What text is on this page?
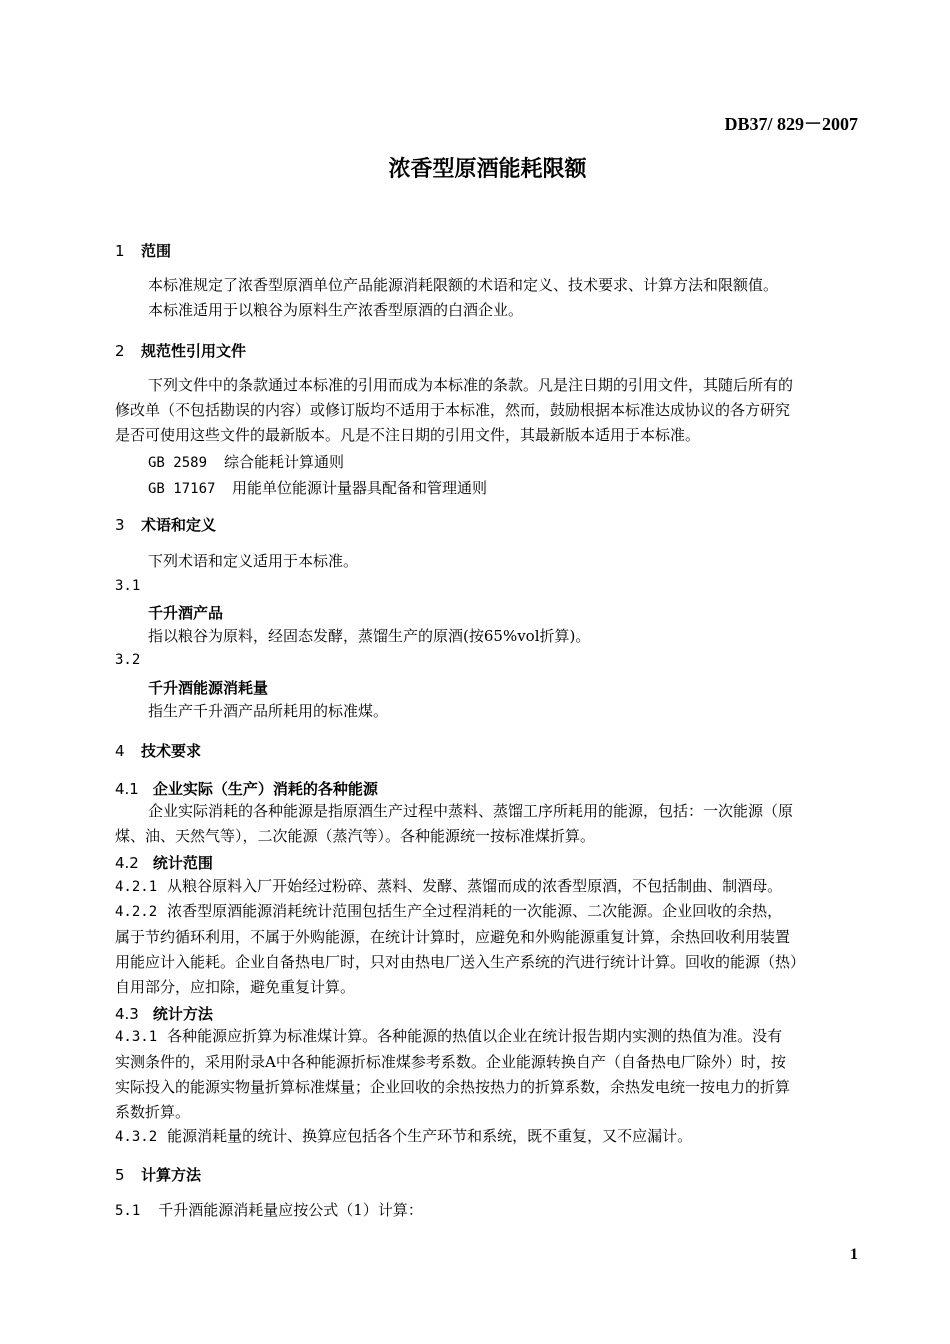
DB37/ 829－2007
浓香型原酒能耗限额
1 范围
本标准规定了浓香型原酒单位产品能源消耗限额的术语和定义、技术要求、计算方法和限额值。
本标准适用于以粮谷为原料生产浓香型原酒的白酒企业。
2 规范性引用文件
下列文件中的条款通过本标准的引用而成为本标准的条款。凡是注日期的引用文件，其随后所有的
修改单（不包括勘误的内容）或修订版均不适用于本标准，然而，鼓励根据本标准达成协议的各方研究
是否可使用这些文件的最新版本。凡是不注日期的引用文件，其最新版本适用于本标准。
GB 2589 综合能耗计算通则
GB 17167 用能单位能源计量器具配备和管理通则
3 术语和定义
下列术语和定义适用于本标准。
3.1
千升酒产品
指以粮谷为原料，经固态发酵，蒸馏生产的原酒(按65%vol折算)。
3.2
千升酒能源消耗量
指生产千升酒产品所耗用的标准煤。
4 技术要求
4.1 企业实际（生产）消耗的各种能源
企业实际消耗的各种能源是指原酒生产过程中蒸料、蒸馏工序所耗用的能源，包括：一次能源（原
煤、油、天然气等），二次能源（蒸汽等）。各种能源统一按标准煤折算。
4.2 统计范围
4.2.1 从粮谷原料入厂开始经过粉碎、蒸料、发酵、蒸馏而成的浓香型原酒，不包括制曲、制酒母。
4.2.2 浓香型原酒能源消耗统计范围包括生产全过程消耗的一次能源、二次能源。企业回收的余热，
属于节约循环利用，不属于外购能源，在统计计算时，应避免和外购能源重复计算，余热回收利用装置
用能应计入能耗。企业自备热电厂时，只对由热电厂送入生产系统的汽进行统计计算。回收的能源（热）
自用部分，应扣除，避免重复计算。
4.3 统计方法
4.3.1 各种能源应折算为标准煤计算。各种能源的热值以企业在统计报告期内实测的热值为准。没有
实测条件的，采用附录A中各种能源折标准煤参考系数。企业能源转换自产（自备热电厂除外）时，按
实际投入的能源实物量折算标准煤量；企业回收的余热按热力的折算系数，余热发电统一按电力的折算
系数折算。
4.3.2 能源消耗量的统计、换算应包括各个生产环节和系统，既不重复，又不应漏计。
5 计算方法
5.1 千升酒能源消耗量应按公式（1）计算：
1
